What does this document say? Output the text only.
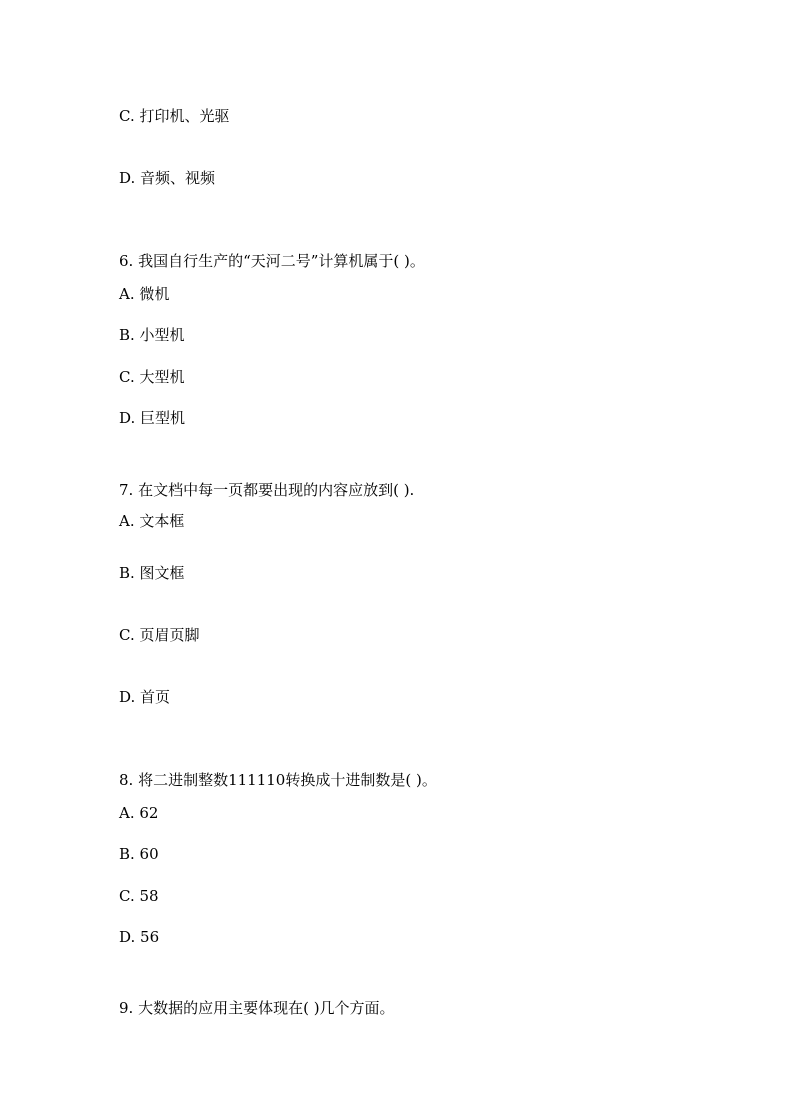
C. 打印机、光驱
D. 音频、视频
6. 我国自行生产的“天河二号”计算机属于( )。
A. 微机
B. 小型机
C. 大型机
D. 巨型机
7. 在文档中每一页都要出现的内容应放到( ).
A. 文本框
B. 图文框
C. 页眉页脚
D. 首页
8. 将二进制整数111110转换成十进制数是( )。
A. 62
B. 60
C. 58
D. 56
9. 大数据的应用主要体现在( )几个方面。
